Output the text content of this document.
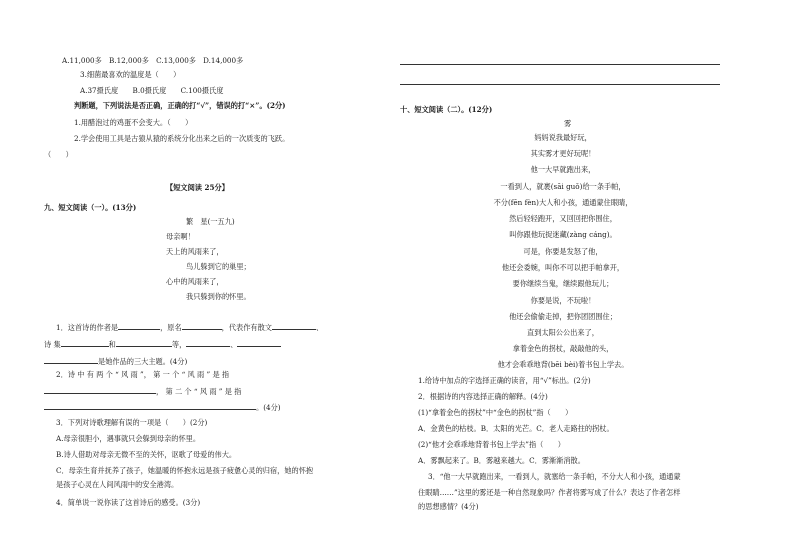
A.11,000多　B.12,000多　C.13,000多　D.14,000多
3.细菌最喜欢的温度是（　　）
A.37摄氏度　　B.0摄氏度　　C.100摄氏度
判断题，下列说法是否正确，正确的打“√”，错误的打“×”。(2分)
1.用醋泡过的鸡蛋不会变大。（　　）
2.学会使用工具是古猿从猿的系统分化出来之后的一次质变的飞跃。
（　　）
【短文阅读 25分】
九、短文阅读（一）。(13分)
繁　星(一五九)
母亲啊！
天上的风雨来了，
鸟儿躲到它的巢里；
心中的风雨来了，
我只躲到你的怀里。
1．这首诗的作者是	，原名	，代表作有散文	、
诗 集	和	等，	、
是她作品的三大主题。(4分)
2．诗 中 有 两 个 “ 风 雨 ”， 第 一 个 “ 风 雨 ” 是 指
， 第 二 个 “ 风 雨 ” 是 指
。(4分)
3．下列对诗歌理解有误的一项是（　　）(2分)
A.母亲很胆小，遇事就只会躲到母亲的怀里。
B.诗人借助对母亲无微不至的关怀，讴歌了母爱的伟大。
C．母亲生育并抚养了孩子，她温暖的怀抱永远是孩子疲惫心灵的归宿，她的怀抱
是孩子心灵在人间风雨中的安全港湾。
4．简单说一说你读了这首诗后的感受。(3分)
十、短文阅读（二）。(12分)
雾
妈妈说我最好玩，
其实雾才更好玩呢！
他一大早就跑出来，
一看到人，就裹(sāi guǒ)给一条手帕，
不分(fēn fèn)大人和小孩，通通蒙住眼睛，
然后轻轻跑开，又回回把你围住，
叫你跟他玩捉迷藏(zàng cáng)。
可是，你要是发怒了他，
他还会委婉，叫你不可以把手帕拿开，
要你继续当鬼，继续跟他玩儿；
你要是说，不玩啦！
他还会偷偷走掉，把你团团围住；
直到太阳公公出来了，
拿着金色的拐杖，敲敲他的头，
他才会乖乖地背(bēi bèi)着书包上学去。
1.给诗中加点的字选择正确的读音，用“√”标出。(2分)
2．根据诗的内容选择正确的解释。(4分)
(1)“拿着金色的拐杖”中“金色的拐杖”指（　　）
A．金黄色的枯枝。B．太阳的光芒。C．老人走路拄的拐杖。
(2)“他才会乖乖地背着书包上学去”指（　　）
A．雾飘起来了。B．雾越来越大。C．雾渐渐消散。
3．“他一大早就跑出来，一看到人，就塞给一条手帕，不分大人和小孩，通通蒙
住眼睛……”这里的雾还是一种自然现象吗？作者将雾写成了什么？表达了作者怎样
的思想感情？(4分)
